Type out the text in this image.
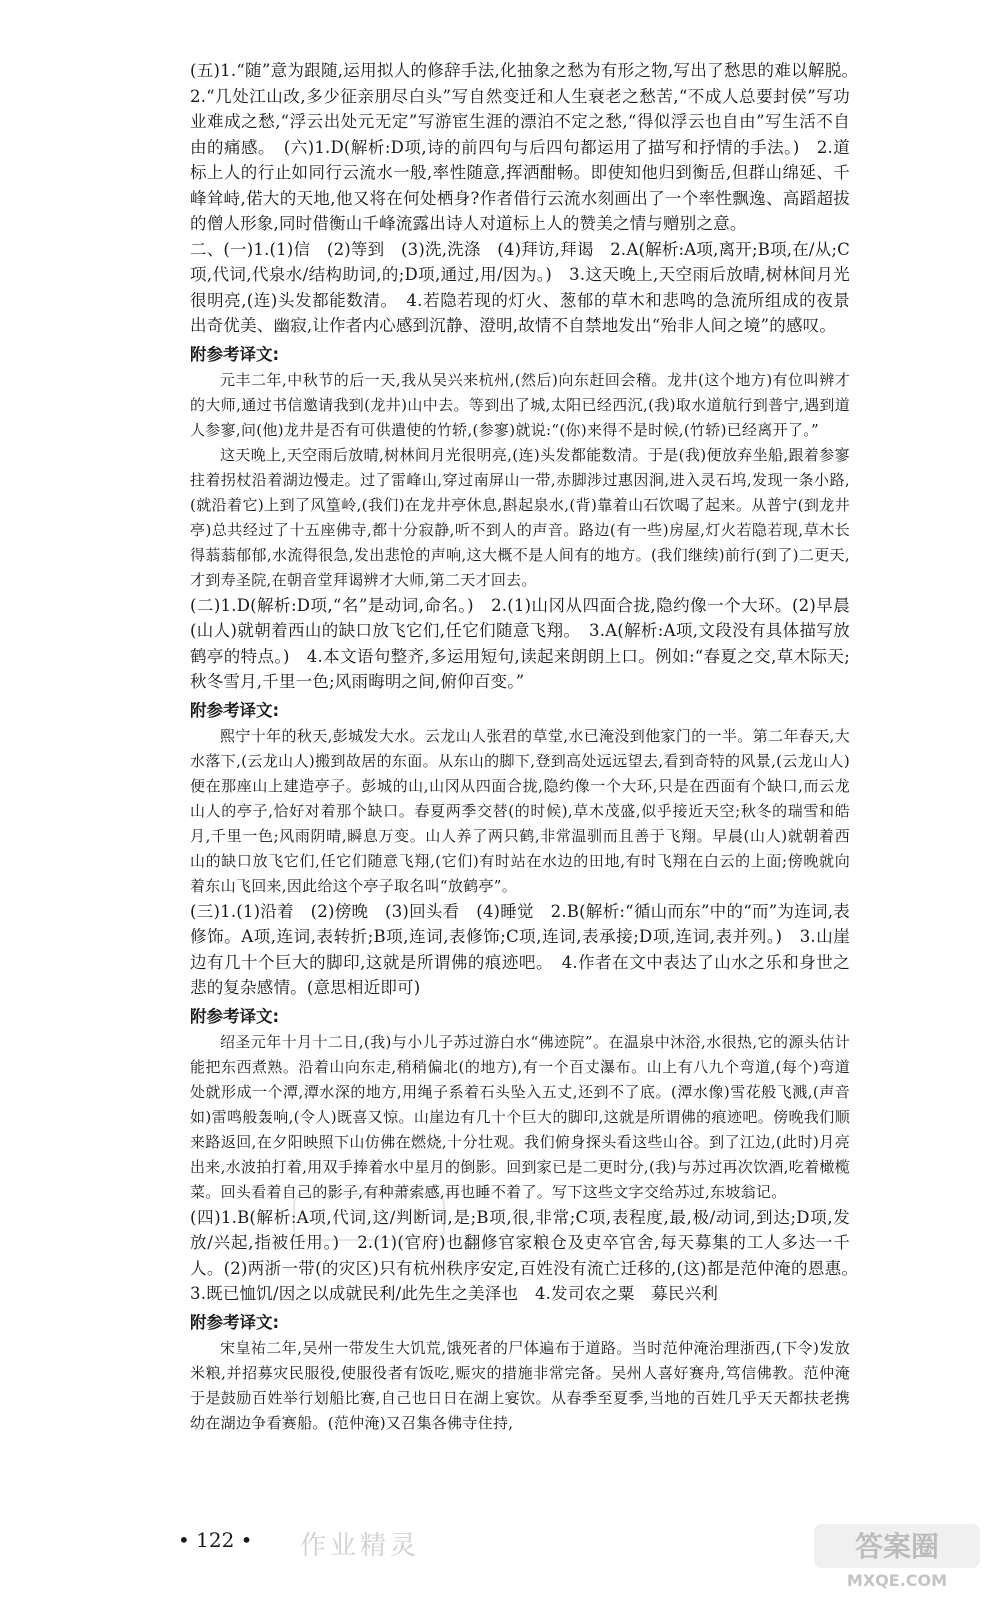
(五)1.“随”意为跟随,运用拟人的修辞手法,化抽象之愁为有形之物,写出了愁思的难以解脱。　2.“几处江山改,多少征亲朋尽白头”写自然变迁和人生衰老之愁苦,“不成人总要封侯”写功业难成之愁,“浮云出处元无定”写游宦生涯的漂泊不定之愁,“得似浮云也自由”写生活不自由的痛感。　(六)1.D(解析:D项,诗的前四句与后四句都运用了描写和抒情的手法。)　2.道标上人的行止如同行云流水一般,率性随意,挥洒酣畅。即使知他归到衡岳,但群山绵延、千峰耸峙,偌大的天地,他又将在何处栖身?作者借行云流水刻画出了一个率性飘逸、高蹈超拔的僧人形象,同时借衡山千峰流露出诗人对道标上人的赞美之情与赠别之意。

二、(一)1.(1)信　(2)等到　(3)洗,洗涤　(4)拜访,拜谒　2.A(解析:A项,离开;B项,在/从;C项,代词,代泉水/结构助词,的;D项,通过,用/因为。)　3.这天晚上,天空雨后放晴,树林间月光很明亮,(连)头发都能数清。　4.若隐若现的灯火、葱郁的草木和悲鸣的急流所组成的夜景出奇优美、幽寂,让作者内心感到沉静、澄明,故情不自禁地发出“殆非人间之境”的感叹。

附参考译文:

元丰二年,中秋节的后一天,我从吴兴来杭州,(然后)向东赶回会稽。龙井(这个地方)有位叫辨才的大师,通过书信邀请我到(龙井)山中去。等到出了城,太阳已经西沉,(我)取水道航行到普宁,遇到道人参寥,问(他)龙井是否有可供遣使的竹轿,(参寥)就说:“(你)来得不是时候,(竹轿)已经离开了。”

这天晚上,天空雨后放晴,树林间月光很明亮,(连)头发都能数清。于是(我)便放弃坐船,跟着参寥拄着拐杖沿着湖边慢走。过了雷峰山,穿过南屏山一带,赤脚涉过惠因涧,进入灵石坞,发现一条小路,(就沿着它)上到了风篁岭,(我们)在龙井亭休息,斟起泉水,(背)靠着山石饮喝了起来。从普宁(到龙井亭)总共经过了十五座佛寺,都十分寂静,听不到人的声音。路边(有一些)房屋,灯火若隐若现,草木长得蓊蓊郁郁,水流得很急,发出悲怆的声响,这大概不是人间有的地方。(我们继续)前行(到了)二更天,才到寿圣院,在朝音堂拜谒辨才大师,第二天才回去。

(二)1.D(解析:D项,“名”是动词,命名。)　2.(1)山冈从四面合拢,隐约像一个大环。(2)早晨(山人)就朝着西山的缺口放飞它们,任它们随意飞翔。　3.A(解析:A项,文段没有具体描写放鹤亭的特点。)　4.本文语句整齐,多运用短句,读起来朗朗上口。例如:“春夏之交,草木际天;秋冬雪月,千里一色;风雨晦明之间,俯仰百变。”

附参考译文:

熙宁十年的秋天,彭城发大水。云龙山人张君的草堂,水已淹没到他家门的一半。第二年春天,大水落下,(云龙山人)搬到故居的东面。从东山的脚下,登到高处远远望去,看到奇特的风景,(云龙山人)便在那座山上建造亭子。彭城的山,山冈从四面合拢,隐约像一个大环,只是在西面有个缺口,而云龙山人的亭子,恰好对着那个缺口。春夏两季交替(的时候),草木茂盛,似乎接近天空;秋冬的瑞雪和皓月,千里一色;风雨阴晴,瞬息万变。山人养了两只鹤,非常温驯而且善于飞翔。早晨(山人)就朝着西山的缺口放飞它们,任它们随意飞翔,(它们)有时站在水边的田地,有时飞翔在白云的上面;傍晚就向着东山飞回来,因此给这个亭子取名叫“放鹤亭”。

(三)1.(1)沿着　(2)傍晚　(3)回头看　(4)睡觉　2.B(解析:“循山而东”中的“而”为连词,表修饰。A项,连词,表转折;B项,连词,表修饰;C项,连词,表承接;D项,连词,表并列。)　3.山崖边有几十个巨大的脚印,这就是所谓佛的痕迹吧。　4.作者在文中表达了山水之乐和身世之悲的复杂感情。(意思相近即可)

附参考译文:

绍圣元年十月十二日,(我)与小儿子苏过游白水“佛迹院”。在温泉中沐浴,水很热,它的源头估计能把东西煮熟。沿着山向东走,稍稍偏北(的地方),有一个百丈瀑布。山上有八九个弯道,(每个)弯道处就形成一个潭,潭水深的地方,用绳子系着石头坠入五丈,还到不了底。(潭水像)雪花般飞溅,(声音如)雷鸣般轰响,(令人)既喜又惊。山崖边有几十个巨大的脚印,这就是所谓佛的痕迹吧。傍晚我们顺来路返回,在夕阳映照下山仿佛在燃烧,十分壮观。我们俯身探头看这些山谷。到了江边,(此时)月亮出来,水波拍打着,用双手捧着水中星月的倒影。回到家已是二更时分,(我)与苏过再次饮酒,吃着橄榄菜。回头看着自己的影子,有种萧索感,再也睡不着了。写下这些文字交给苏过,东坡翁记。

(四)1.B(解析:A项,代词,这/判断词,是;B项,很,非常;C项,表程度,最,极/动词,到达;D项,发放/兴起,指被任用。)　2.(1)(官府)也翻修官家粮仓及吏卒官舍,每天募集的工人多达一千人。(2)两浙一带(的灾区)只有杭州秩序安定,百姓没有流亡迁移的,(这)都是范仲淹的恩惠。　3.既已恤饥/因之以成就民利/此先生之美泽也　4.发司农之粟　募民兴利

附参考译文:

宋皇祐二年,吴州一带发生大饥荒,饿死者的尸体遍布于道路。当时范仲淹治理浙西,(下令)发放米粮,并招募灾民服役,使服役者有饭吃,赈灾的措施非常完备。吴州人喜好赛舟,笃信佛教。范仲淹于是鼓励百姓举行划船比赛,自己也日日在湖上宴饮。从春季至夏季,当地的百姓几乎天天都扶老携幼在湖边争看赛船。(范仲淹)又召集各佛寺住持,

• 122 • 作业精灵	答案圈
MXQE.COM
